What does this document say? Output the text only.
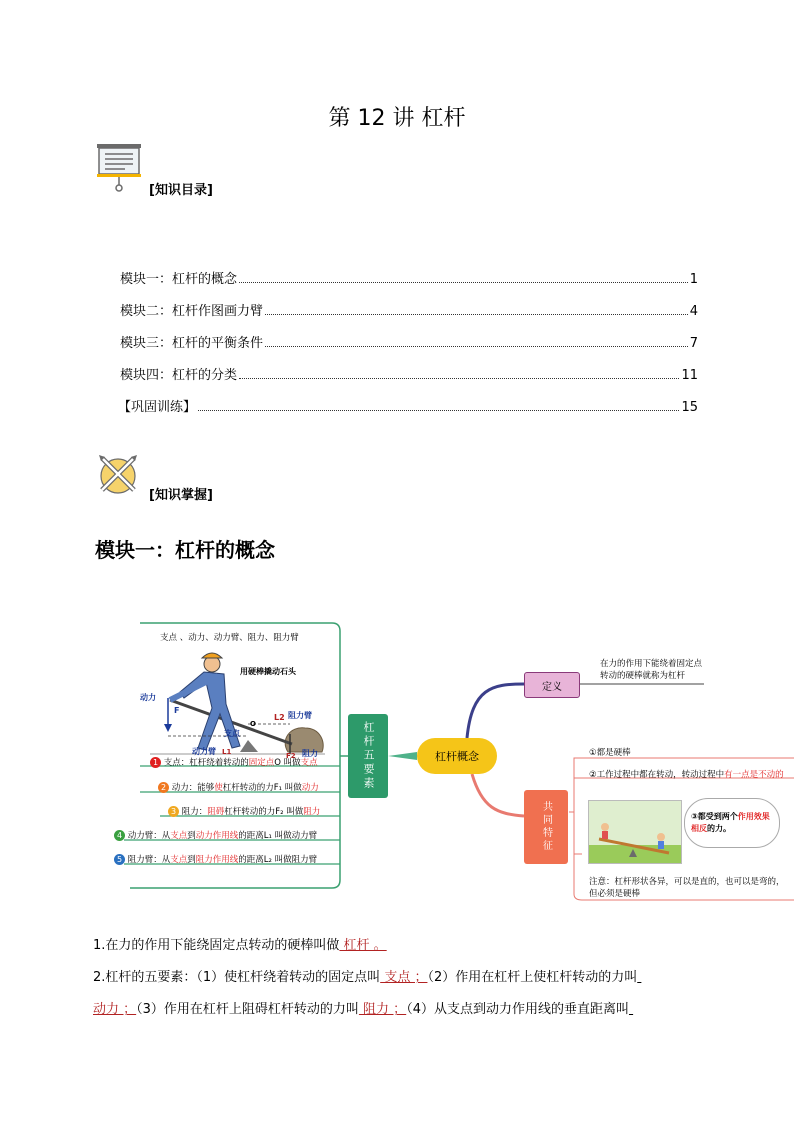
第 12 讲 杠杆
[知识目录]
模块一：杠杆的概念	1
模块二：杠杆作图画力臂	4
模块三：杠杆的平衡条件	7
模块四：杠杆的分类	11
【巩固训练】	15
[知识掌握]
模块一：杠杆的概念
支点 、动力、动力臂、阻力、阻力臂
用硬棒撬动石头
动力
F
支点
O
L2 阻力臂
动力臂 L1	F2 阻力
1 支点：杠杆绕着转动的固定点O 叫做支点
2 动力：能够使杠杆转动的力F₁ 叫做动力
3 阻力：阻碍杠杆转动的力F₂ 叫做阻力
4 动力臂：从支点到动力作用线的距离L₁ 叫做动力臂
5 阻力臂：从支点到阻力作用线的距离L₂ 叫做阻力臂
杠杆五要素	杠杆概念
定义
在力的作用下能绕着固定点转动的硬棒就称为杠杆
共同特征
①都是硬棒
②工作过程中都在转动，转动过程中有一点是不动的
③都受到两个作用效果相反的力。
注意：杠杆形状各异，可以是直的，也可以是弯的，但必须是硬棒
1.在力的作用下能绕固定点转动的硬棒叫做 杠杆 。
2.杠杆的五要素：（1）使杠杆绕着转动的固定点叫 支点 ；（2）作用在杠杆上使杠杆转动的力叫
动力 ；（3）作用在杠杆上阻碍杠杆转动的力叫 阻力 ；（4）从支点到动力作用线的垂直距离叫
